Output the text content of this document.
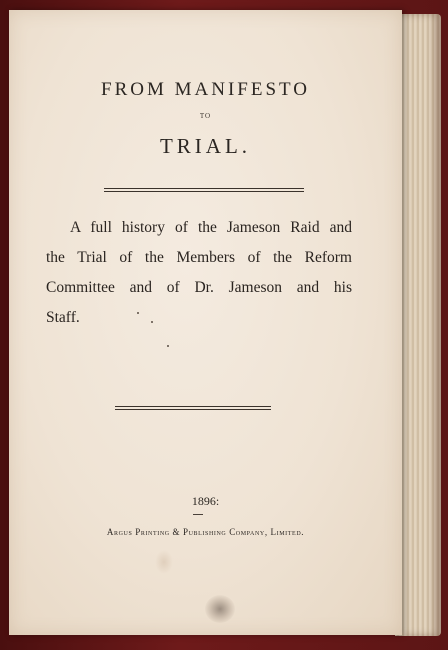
FROM MANIFESTO
TO
TRIAL.
A full history of the Jameson Raid and
the Trial of the Members of the Reform
Committee and of Dr. Jameson and his
Staff.
1896:
Argus Printing & Publishing Company, Limited.
